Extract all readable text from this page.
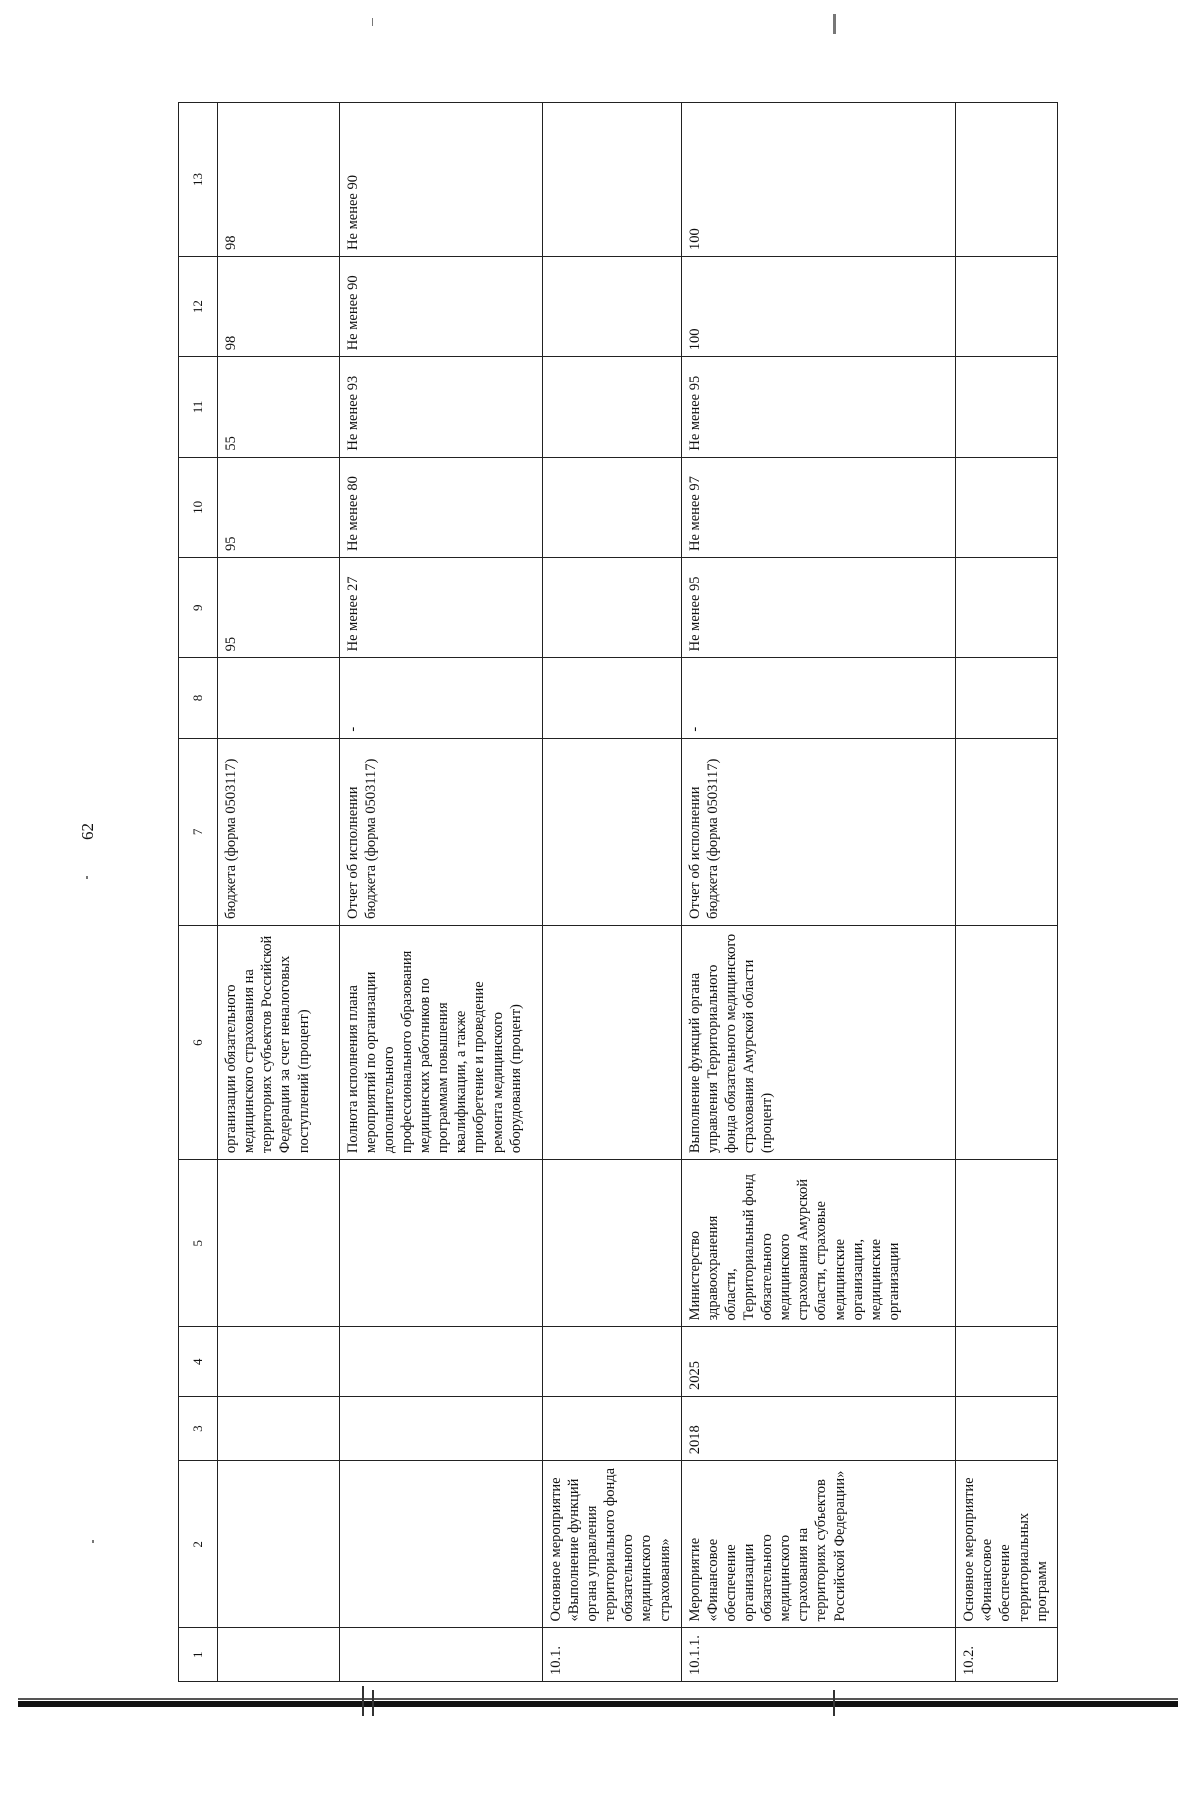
62
1	2	3	4	5	6	7	8	9	10	11	12	13
					организации обязательного медицинского страхования на территориях субъектов Российской Федерации за счет неналоговых поступлений (процент)	бюджета (форма 0503117)		95	95	55	98	98
					Полнота исполнения плана мероприятий по организации дополнительного профессионального образования медицинских работников по программам повышения квалификации, а также приобретение и проведение ремонта медицинского оборудования (процент)	Отчет об исполнении бюджета (форма 0503117)	-	Не менее 27	Не менее 80	Не менее 93	Не менее 90	Не менее 90
10.1.	Основное мероприятие «Выполнение функций органа управления территориального фонда обязательного медицинского страхования»											
10.1.1.	Мероприятие «Финансовое обеспечение организации обязательного медицинского страхования на территориях субъектов Российской Федерации»	2018	2025	Министерство здравоохранения области, Территориальный фонд обязательного медицинского страхования Амурской области, страховые медицинские организации, медицинские организации	Выполнение функций органа управления Территориального фонда обязательного медицинского страхования Амурской области (процент)	Отчет об исполнении бюджета (форма 0503117)	-	Не менее 95	Не менее 97	Не менее 95	100	100
10.2.	Основное мероприятие «Финансовое обеспечение территориальных программ											
